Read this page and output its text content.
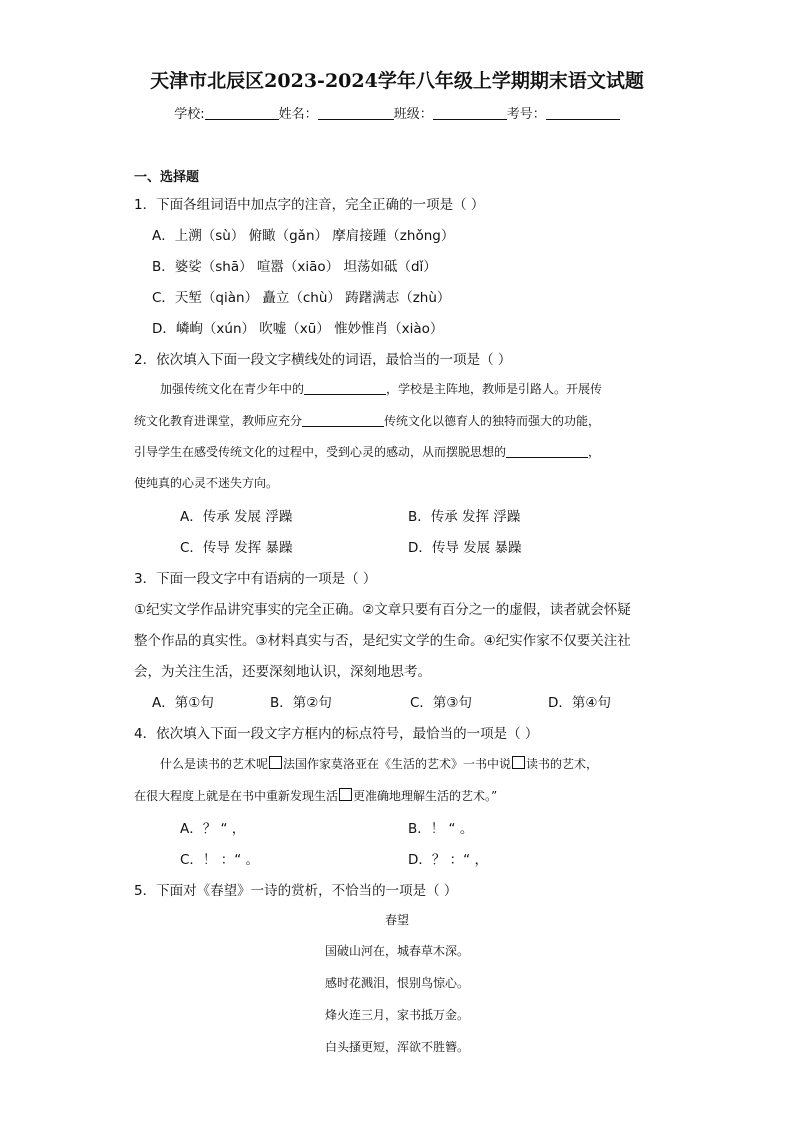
天津市北辰区2023-2024学年八年级上学期期末语文试题
学校:	姓名：	班级：	考号：
一、选择题
1．下面各组词语中加点字的注音，完全正确的一项是（ ）
A．上溯（sù） 俯瞰（gǎn） 摩肩接踵（zhǒng）
B．婆娑（shā） 喧嚣（xiāo） 坦荡如砥（dǐ）
C．天堑（qiàn） 矗立（chù） 踌躇满志（zhù）
D．嶙峋（xún） 吹嘘（xū） 惟妙惟肖（xiào）
2．依次填入下面一段文字横线处的词语，最恰当的一项是（ ）
加强传统文化在青少年中的	，学校是主阵地，教师是引路人。开展传
统文化教育进课堂，教师应充分	传统文化以德育人的独特而强大的功能，
引导学生在感受传统文化的过程中，受到心灵的感动，从而摆脱思想的	，
使纯真的心灵不迷失方向。
A．传承 发展 浮躁	B．传承 发挥 浮躁
C．传导 发挥 暴躁	D．传导 发展 暴躁
3．下面一段文字中有语病的一项是（ ）
①纪实文学作品讲究事实的完全正确。②文章只要有百分之一的虚假，读者就会怀疑
整个作品的真实性。③材料真实与否，是纪实文学的生命。④纪实作家不仅要关注社
会，为关注生活，还要深刻地认识，深刻地思考。
A．第①句	B．第②句	C．第③句	D．第④句
4．依次填入下面一段文字方框内的标点符号，最恰当的一项是（ ）
什么是读书的艺术呢 法国作家莫洛亚在《生活的艺术》一书中说 读书的艺术，
在很大程度上就是在书中重新发现生活 更准确地理解生活的艺术。”
A．？ “ ，	B．！ “ 。
C．！ ：“ 。	D．？ ：“ ，
5．下面对《春望》一诗的赏析，不恰当的一项是（ ）
春望
国破山河在，城春草木深。
感时花溅泪，恨别鸟惊心。
烽火连三月，家书抵万金。
白头搔更短，浑欲不胜簪。
